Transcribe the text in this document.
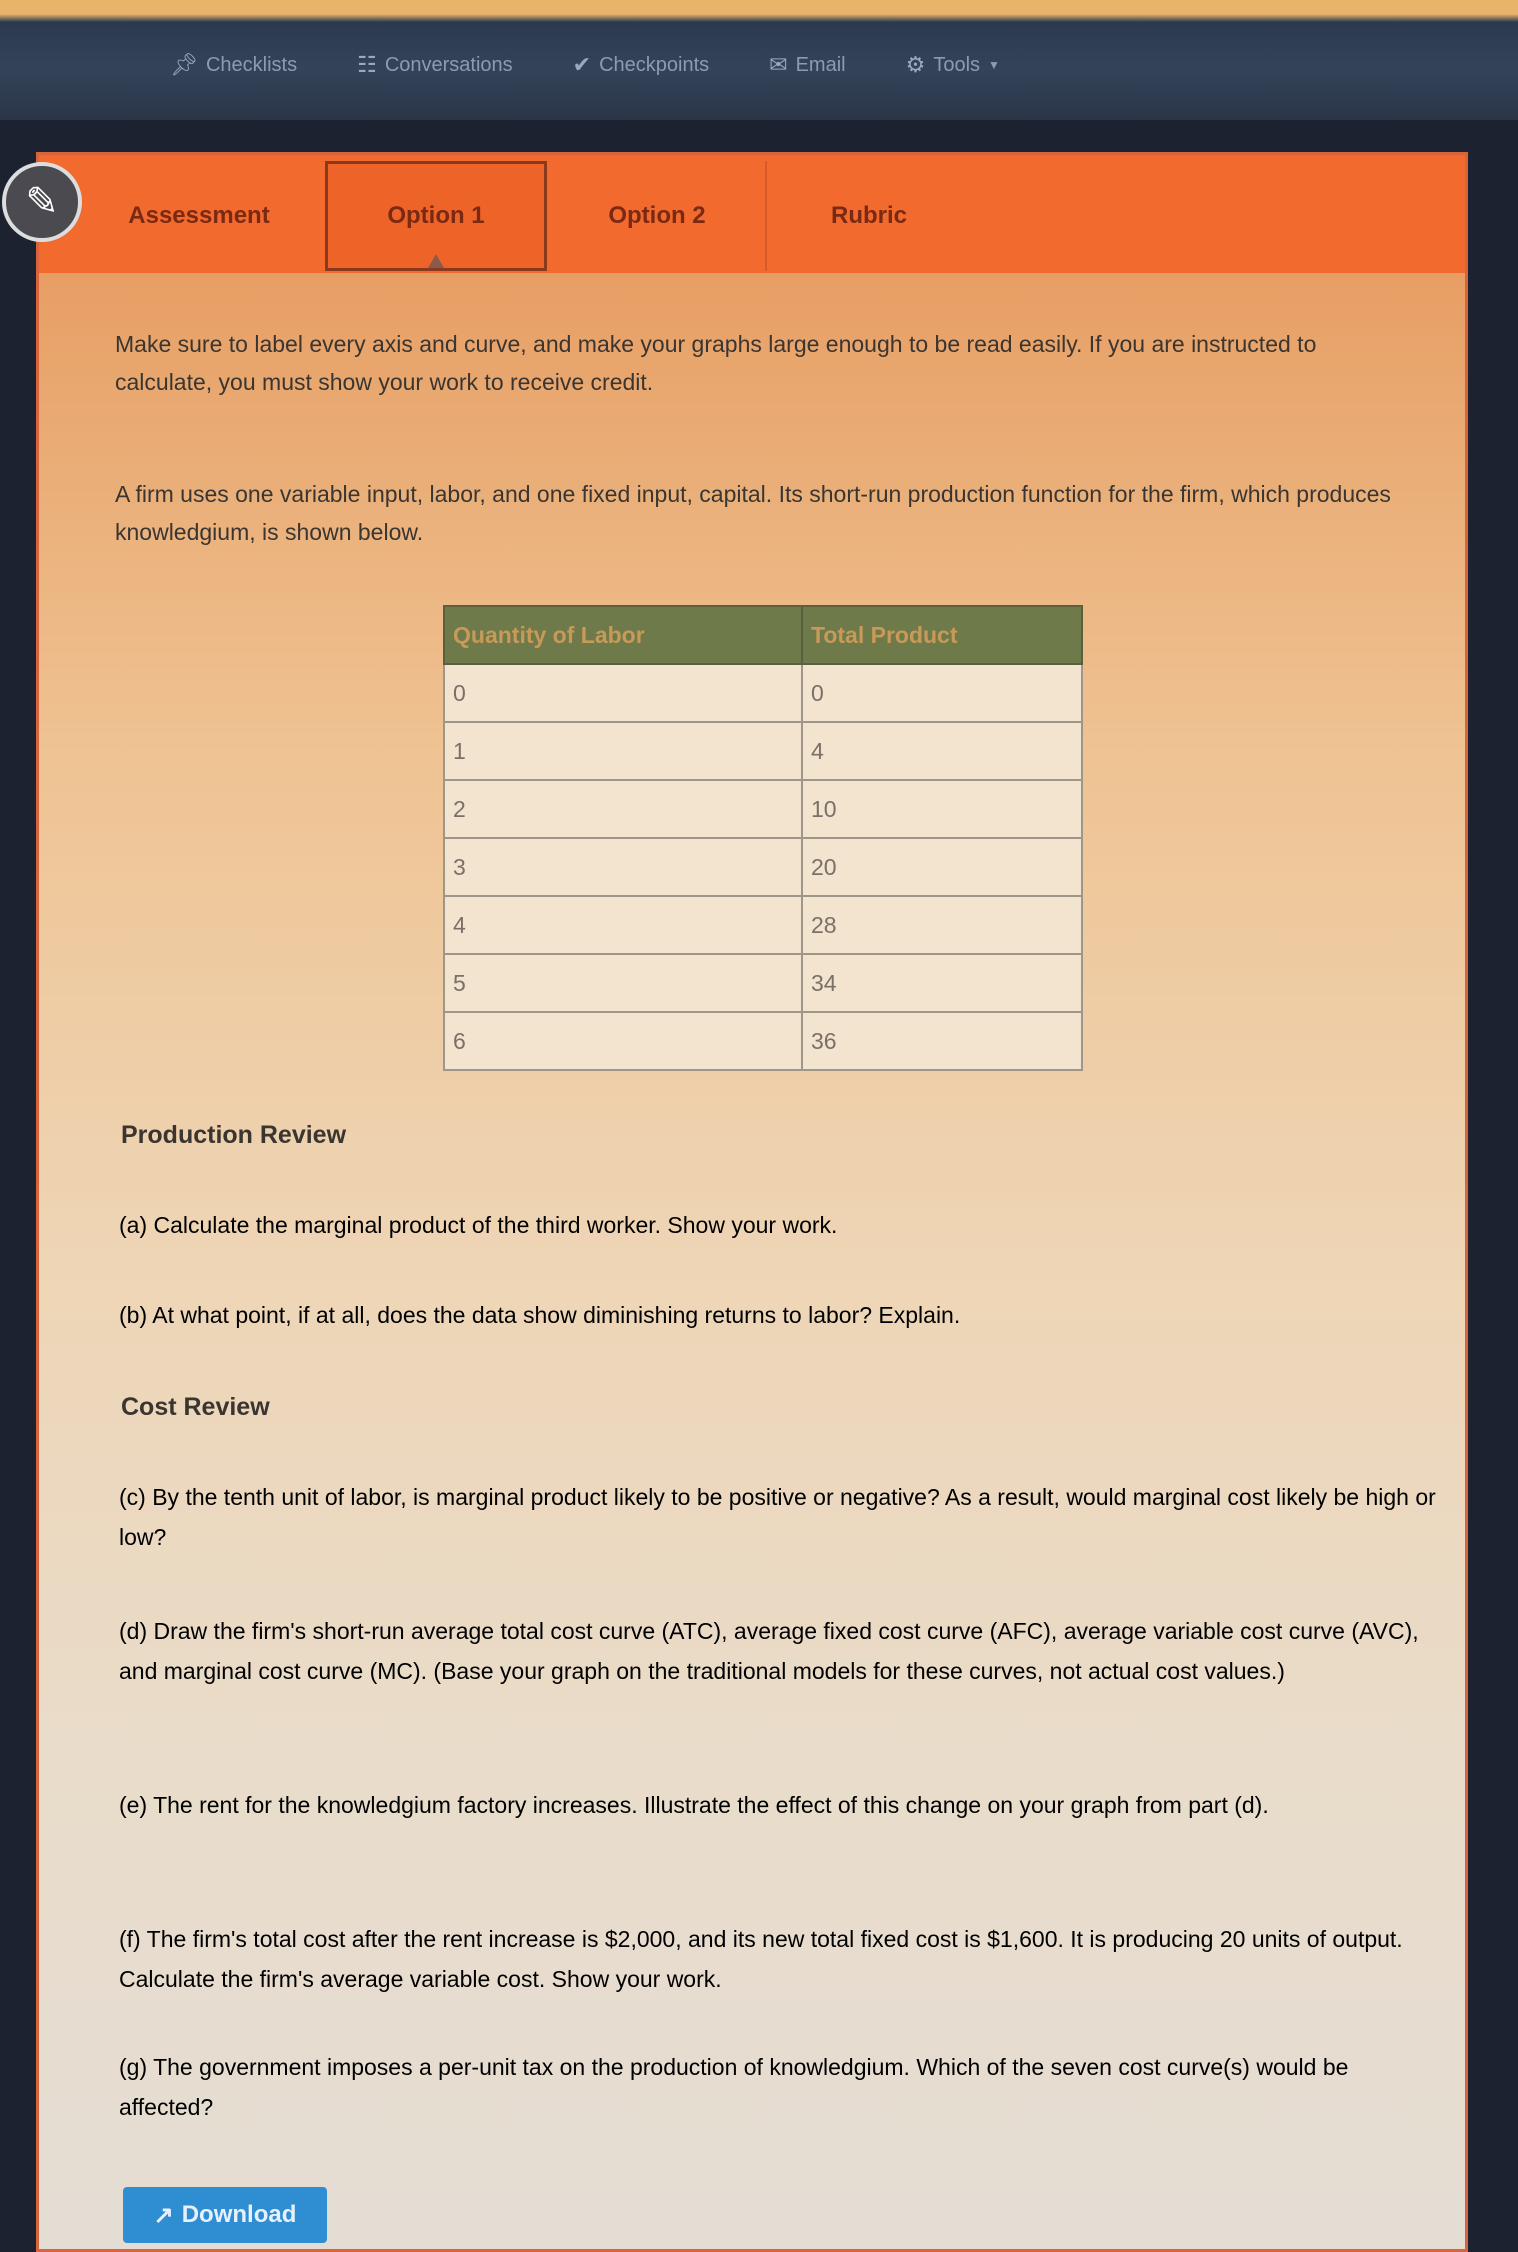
📌︎ Checklists	☷ Conversations	✔ Checkpoints	✉ Email	⚙ Tools ▼
Assessment	Option 1	Option 2	Rubric

Make sure to label every axis and curve, and make your graphs large enough to be read easily. If you are instructed to calculate, you must show your work to receive credit.

A firm uses one variable input, labor, and one fixed input, capital. Its short-run production function for the firm, which produces knowledgium, is shown below.

Quantity of Labor	Total Product
0	0
1	4
2	10
3	20
4	28
5	34
6	36
Production Review
(a) Calculate the marginal product of the third worker. Show your work.
(b) At what point, if at all, does the data show diminishing returns to labor? Explain.
Cost Review
(c) By the tenth unit of labor, is marginal product likely to be positive or negative? As a result, would marginal cost likely be high or low?
(d) Draw the firm's short-run average total cost curve (ATC), average fixed cost curve (AFC), average variable cost curve (AVC), and marginal cost curve (MC). (Base your graph on the traditional models for these curves, not actual cost values.)
(e) The rent for the knowledgium factory increases. Illustrate the effect of this change on your graph from part (d).
(f) The firm's total cost after the rent increase is $2,000, and its new total fixed cost is $1,600. It is producing 20 units of output. Calculate the firm's average variable cost. Show your work.
(g) The government imposes a per-unit tax on the production of knowledgium. Which of the seven cost curve(s) would be affected?
↗ Download
✎
